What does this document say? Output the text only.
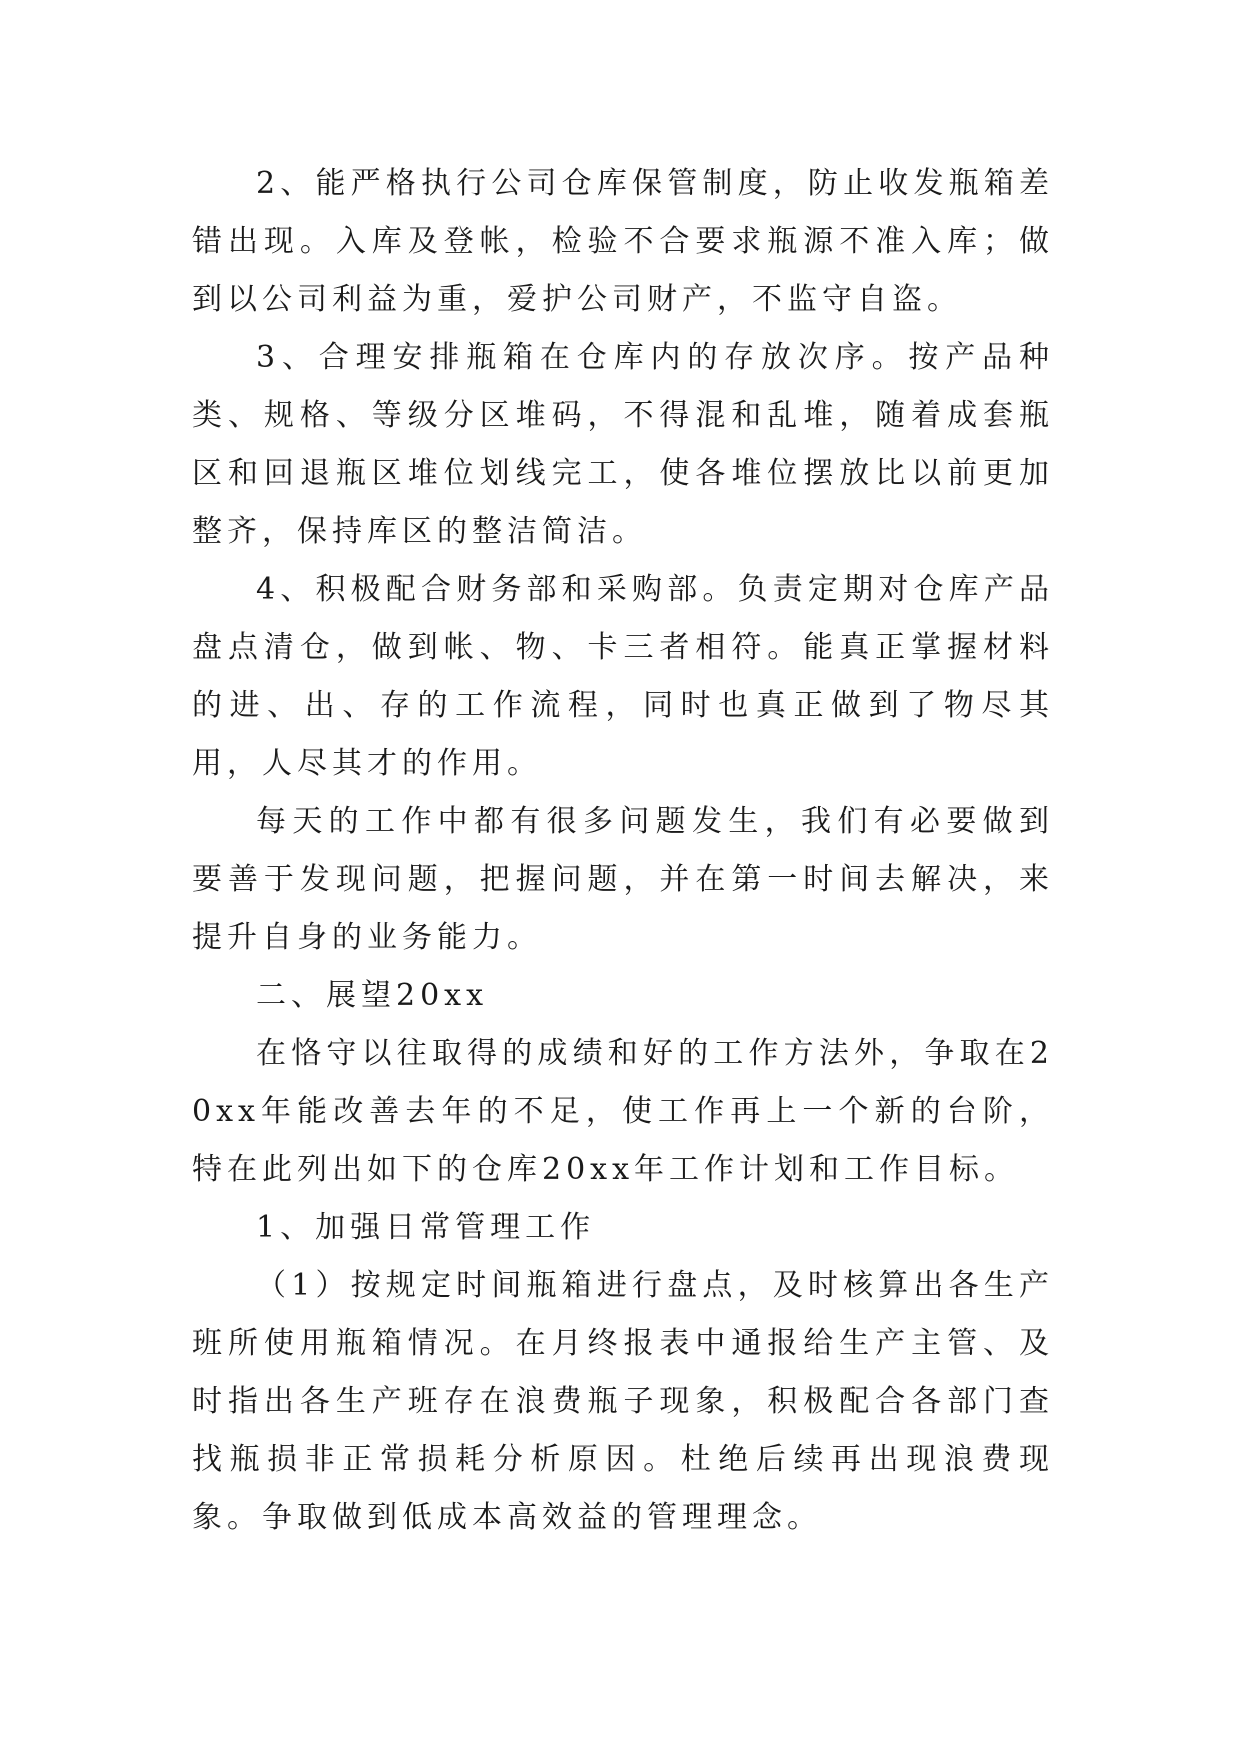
2、能严格执行公司仓库保管制度，防止收发瓶箱差错出现。入库及登帐，检验不合要求瓶源不准入库；做到以公司利益为重，爱护公司财产，不监守自盗。

3、合理安排瓶箱在仓库内的存放次序。按产品种类、规格、等级分区堆码，不得混和乱堆，随着成套瓶区和回退瓶区堆位划线完工，使各堆位摆放比以前更加整齐，保持库区的整洁简洁。

4、积极配合财务部和采购部。负责定期对仓库产品盘点清仓，做到帐、物、卡三者相符。能真正掌握材料的进、出、存的工作流程，同时也真正做到了物尽其用，人尽其才的作用。

每天的工作中都有很多问题发生，我们有必要做到要善于发现问题，把握问题，并在第一时间去解决，来提升自身的业务能力。

二、展望20xx

在恪守以往取得的成绩和好的工作方法外，争取在20xx年能改善去年的不足，使工作再上一个新的台阶，特在此列出如下的仓库20xx年工作计划和工作目标。

1、加强日常管理工作

（1）按规定时间瓶箱进行盘点，及时核算出各生产班所使用瓶箱情况。在月终报表中通报给生产主管、及时指出各生产班存在浪费瓶子现象，积极配合各部门查找瓶损非正常损耗分析原因。杜绝后续再出现浪费现象。争取做到低成本高效益的管理理念。
